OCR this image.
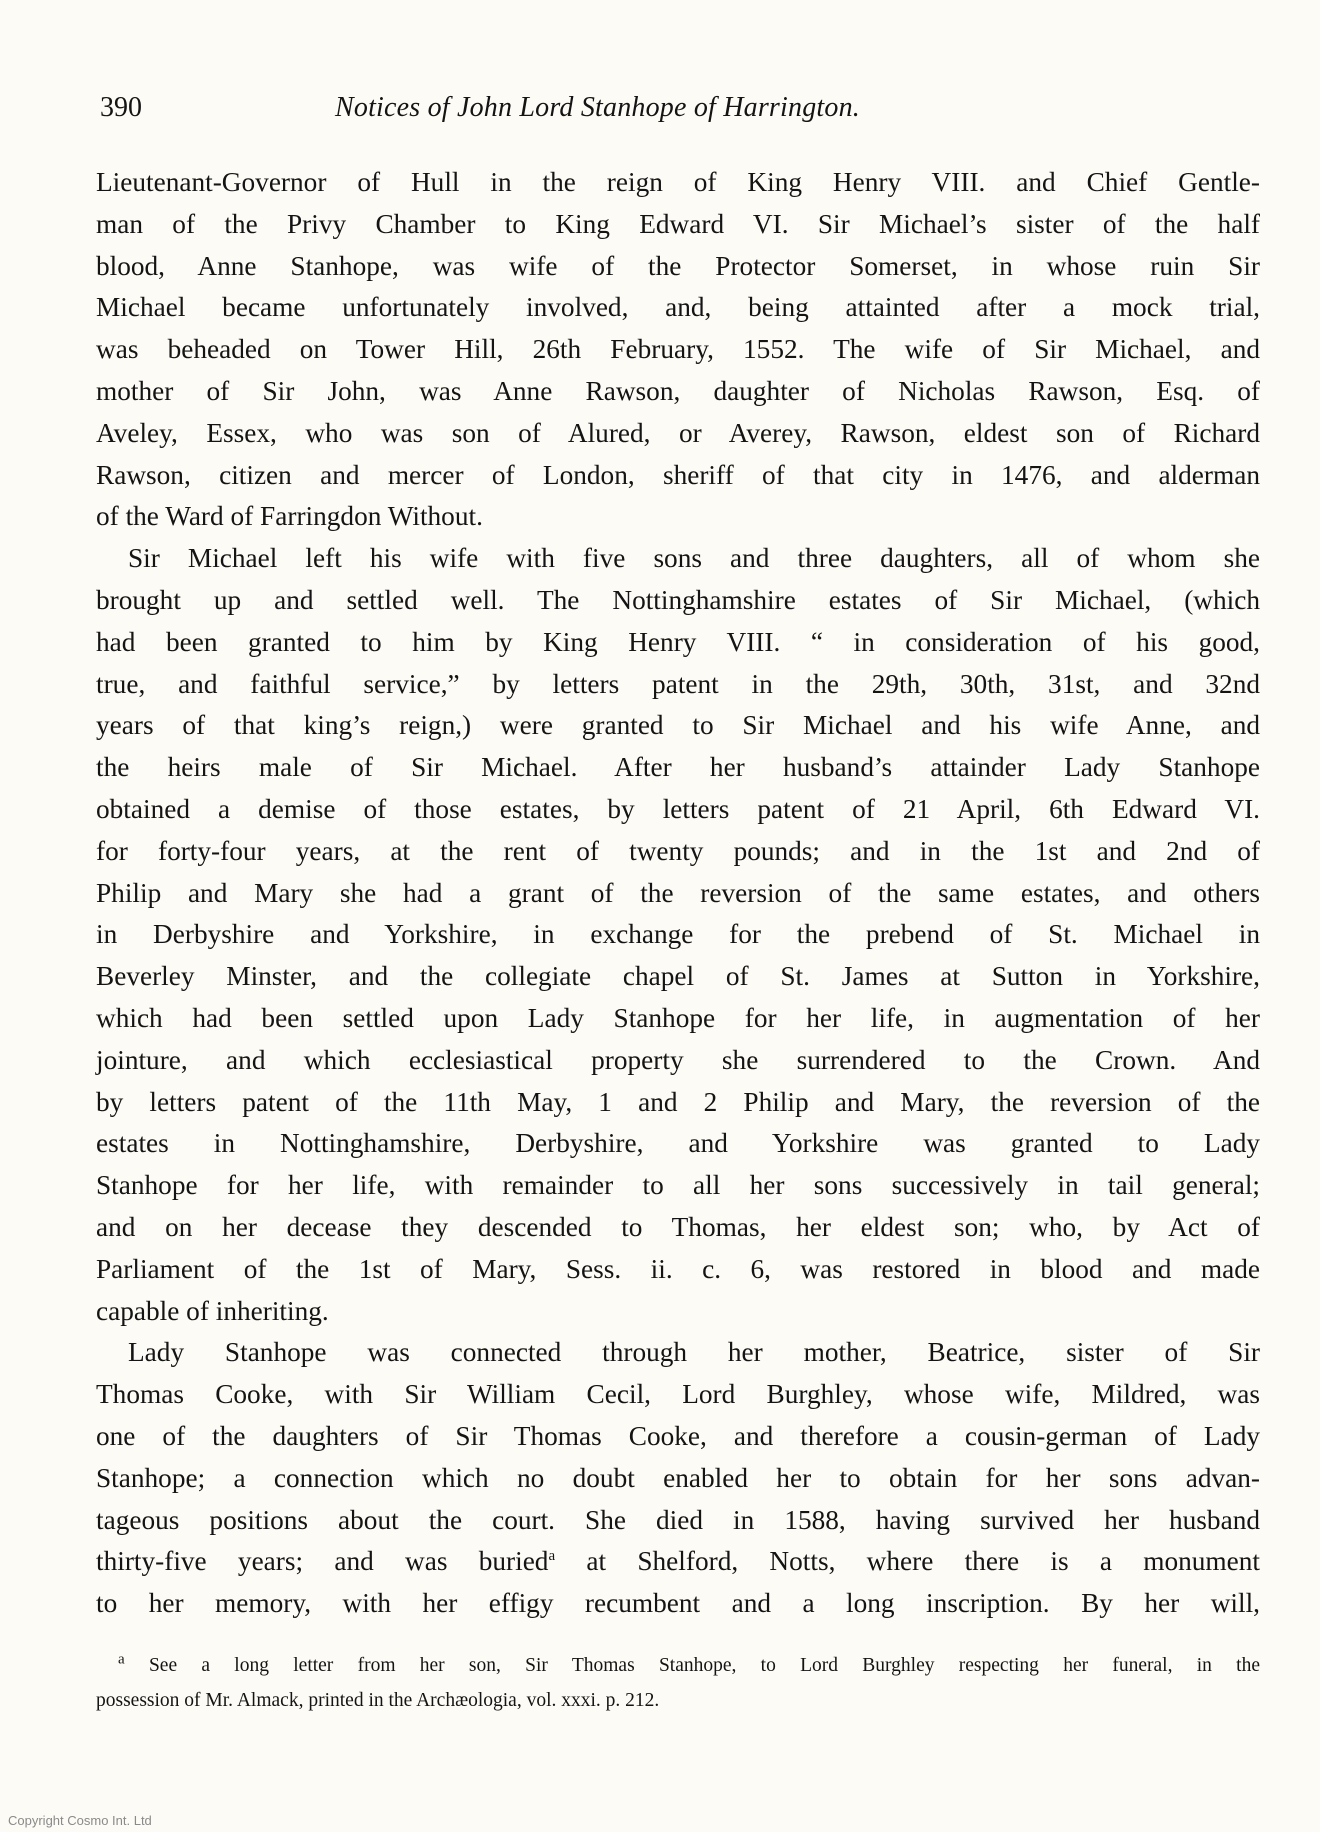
390	Notices of John Lord Stanhope of Harrington.

Lieutenant-Governor of Hull in the reign of King Henry VIII. and Chief Gentle-
man of the Privy Chamber to King Edward VI. Sir Michael’s sister of the half
blood, Anne Stanhope, was wife of the Protector Somerset, in whose ruin Sir
Michael became unfortunately involved, and, being attainted after a mock trial,
was beheaded on Tower Hill, 26th February, 1552. The wife of Sir Michael, and
mother of Sir John, was Anne Rawson, daughter of Nicholas Rawson, Esq. of
Aveley, Essex, who was son of Alured, or Averey, Rawson, eldest son of Richard
Rawson, citizen and mercer of London, sheriff of that city in 1476, and alderman
of the Ward of Farringdon Without.

Sir Michael left his wife with five sons and three daughters, all of whom she
brought up and settled well. The Nottinghamshire estates of Sir Michael, (which
had been granted to him by King Henry VIII. “ in consideration of his good,
true, and faithful service,” by letters patent in the 29th, 30th, 31st, and 32nd
years of that king’s reign,) were granted to Sir Michael and his wife Anne, and
the heirs male of Sir Michael. After her husband’s attainder Lady Stanhope
obtained a demise of those estates, by letters patent of 21 April, 6th Edward VI.
for forty-four years, at the rent of twenty pounds; and in the 1st and 2nd of
Philip and Mary she had a grant of the reversion of the same estates, and others
in Derbyshire and Yorkshire, in exchange for the prebend of St. Michael in
Beverley Minster, and the collegiate chapel of St. James at Sutton in Yorkshire,
which had been settled upon Lady Stanhope for her life, in augmentation of her
jointure, and which ecclesiastical property she surrendered to the Crown. And
by letters patent of the 11th May, 1 and 2 Philip and Mary, the reversion of the
estates in Nottinghamshire, Derbyshire, and Yorkshire was granted to Lady
Stanhope for her life, with remainder to all her sons successively in tail general;
and on her decease they descended to Thomas, her eldest son; who, by Act of
Parliament of the 1st of Mary, Sess. ii. c. 6, was restored in blood and made
capable of inheriting.

Lady Stanhope was connected through her mother, Beatrice, sister of Sir
Thomas Cooke, with Sir William Cecil, Lord Burghley, whose wife, Mildred, was
one of the daughters of Sir Thomas Cooke, and therefore a cousin-german of Lady
Stanhope; a connection which no doubt enabled her to obtain for her sons advan-
tageous positions about the court. She died in 1588, having survived her husband
thirty-five years; and was buried$^a$ at Shelford, Notts, where there is a monument
to her memory, with her effigy recumbent and a long inscription. By her will,

$^a$ See a long letter from her son, Sir Thomas Stanhope, to Lord Burghley respecting her funeral, in the
possession of Mr. Almack, printed in the Archæologia, vol. xxxi. p. 212.
Copyright Cosmo Int. Ltd
